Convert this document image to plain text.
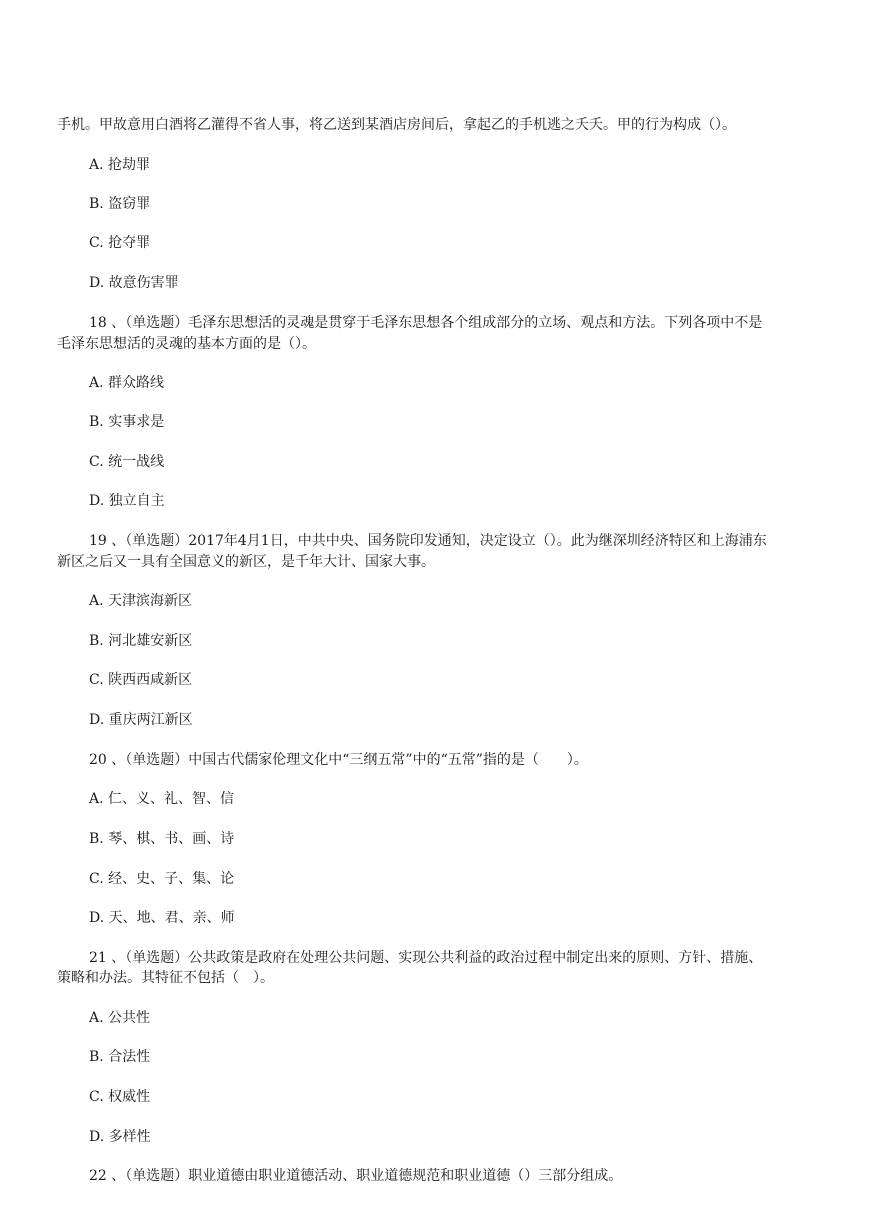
手机。甲故意用白酒将乙灌得不省人事，将乙送到某酒店房间后，拿起乙的手机逃之夭夭。甲的行为构成（）。
A. 抢劫罪
B. 盗窃罪
C. 抢夺罪
D. 故意伤害罪
18 、（单选题）毛泽东思想活的灵魂是贯穿于毛泽东思想各个组成部分的立场、观点和方法。下列各项中不是
毛泽东思想活的灵魂的基本方面的是（）。
A. 群众路线
B. 实事求是
C. 统一战线
D. 独立自主
19 、（单选题）2017年4月1日，中共中央、国务院印发通知，决定设立（）。此为继深圳经济特区和上海浦东
新区之后又一具有全国意义的新区，是千年大计、国家大事。
A. 天津滨海新区
B. 河北雄安新区
C. 陕西西咸新区
D. 重庆两江新区
20 、（单选题）中国古代儒家伦理文化中“三纲五常”中的“五常”指的是（　　）。
A. 仁、义、礼、智、信
B. 琴、棋、书、画、诗
C. 经、史、子、集、论
D. 天、地、君、亲、师
21 、（单选题）公共政策是政府在处理公共问题、实现公共利益的政治过程中制定出来的原则、方针、措施、
策略和办法。其特征不包括（　）。
A. 公共性
B. 合法性
C. 权威性
D. 多样性
22 、（单选题）职业道德由职业道德活动、职业道德规范和职业道德（）三部分组成。
